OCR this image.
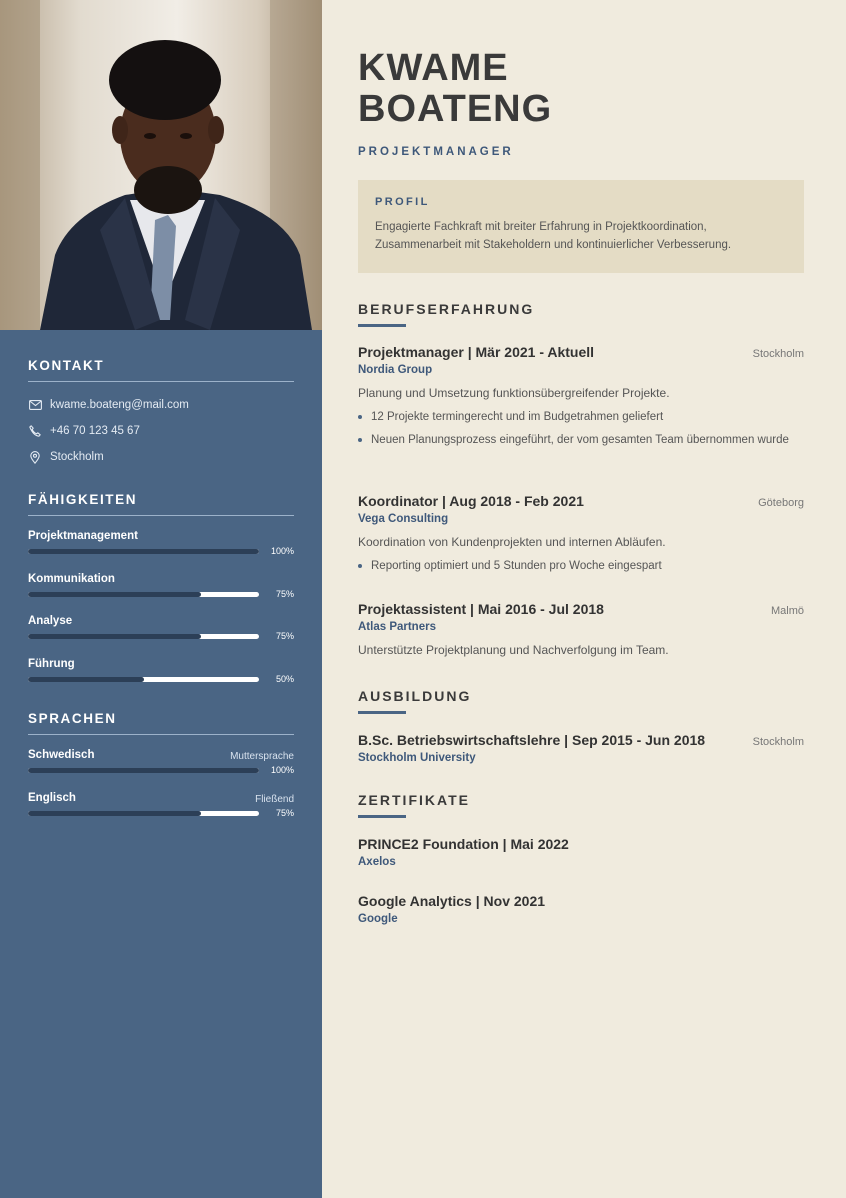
KONTAKT
kwame.boateng@mail.com
+46 70 123 45 67
Stockholm
FÄHIGKEITEN
Projektmanagement
100%
Kommunikation
75%
Analyse
75%
Führung
50%
SPRACHEN
Schwedisch	Muttersprache
100%
Englisch	Fließend
75%
KWAME
BOATENG
PROJEKTMANAGER
PROFIL
Engagierte Fachkraft mit breiter Erfahrung in Projektkoordination, Zusammenarbeit mit Stakeholdern und kontinuierlicher Verbesserung.
BERUFSERFAHRUNG
Projektmanager | Mär 2021 - Aktuell	Stockholm
Nordia Group
Planung und Umsetzung funktionsübergreifender Projekte.
12 Projekte termingerecht und im Budgetrahmen geliefert
Neuen Planungsprozess eingeführt, der vom gesamten Team übernommen wurde
Koordinator | Aug 2018 - Feb 2021	Göteborg
Vega Consulting
Koordination von Kundenprojekten und internen Abläufen.
Reporting optimiert und 5 Stunden pro Woche eingespart
Projektassistent | Mai 2016 - Jul 2018	Malmö
Atlas Partners
Unterstützte Projektplanung und Nachverfolgung im Team.
AUSBILDUNG
B.Sc. Betriebswirtschaftslehre | Sep 2015 - Jun 2018	Stockholm
Stockholm University
ZERTIFIKATE
PRINCE2 Foundation | Mai 2022
Axelos
Google Analytics | Nov 2021
Google
